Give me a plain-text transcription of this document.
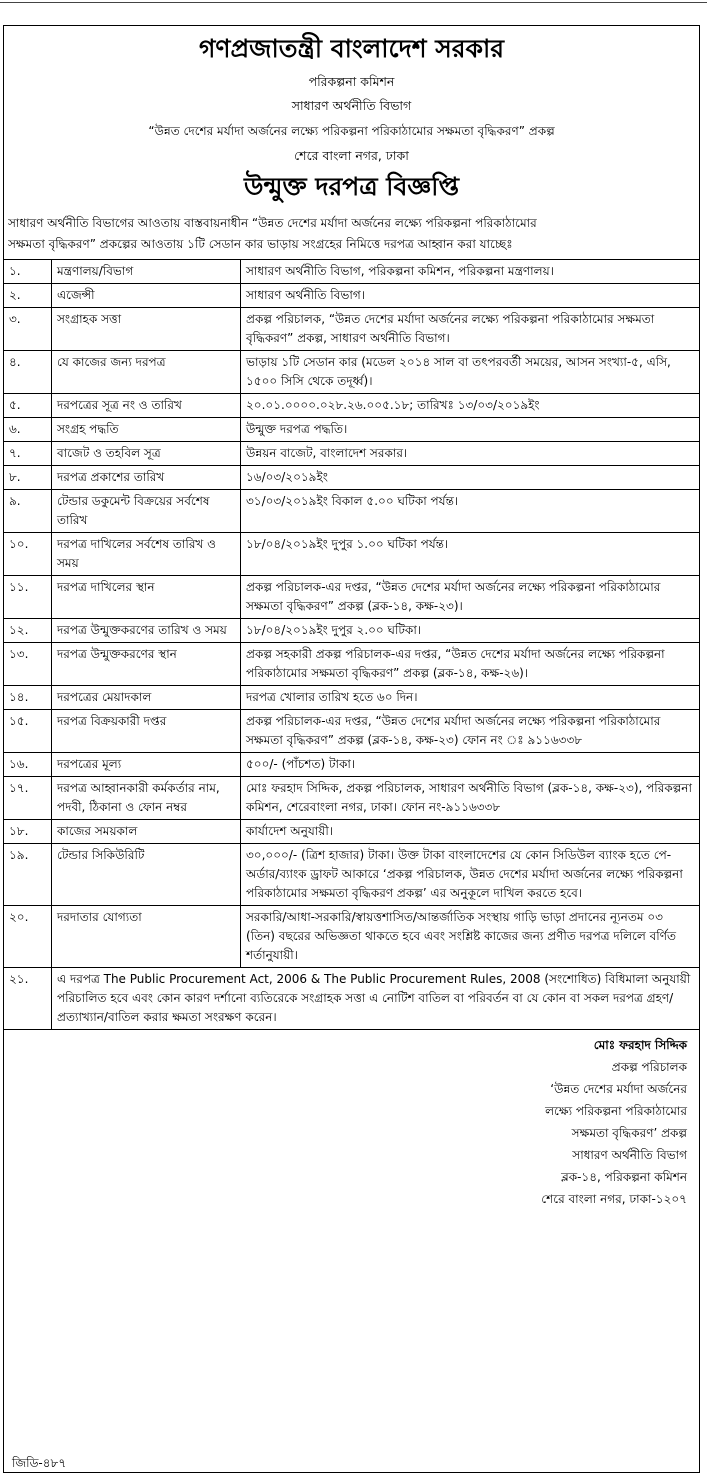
গণপ্রজাতন্ত্রী বাংলাদেশ সরকার
পরিকল্পনা কমিশন
সাধারণ অর্থনীতি বিভাগ
“উন্নত দেশের মর্যাদা অর্জনের লক্ষ্যে পরিকল্পনা পরিকাঠামোর সক্ষমতা বৃদ্ধিকরণ” প্রকল্প
শেরে বাংলা নগর, ঢাকা
উন্মুক্ত দরপত্র বিজ্ঞপ্তি
সাধারণ অর্থনীতি বিভাগের আওতায় বাস্তবায়নাধীন “উন্নত দেশের মর্যাদা অর্জনের লক্ষ্যে পরিকল্পনা পরিকাঠামোর
সক্ষমতা বৃদ্ধিকরণ” প্রকল্পের আওতায় ১টি সেডান কার ভাড়ায় সংগ্রহের নিমিত্তে দরপত্র আহ্বান করা যাচ্ছেঃ
১.	মন্ত্রণালয়/বিভাগ	সাধারণ অর্থনীতি বিভাগ, পরিকল্পনা কমিশন, পরিকল্পনা মন্ত্রণালয়।
২.	এজেন্সী	সাধারণ অর্থনীতি বিভাগ।
৩.	সংগ্রাহক সত্তা	প্রকল্প পরিচালক, “উন্নত দেশের মর্যাদা অর্জনের লক্ষ্যে পরিকল্পনা পরিকাঠামোর সক্ষমতা বৃদ্ধিকরণ” প্রকল্প, সাধারণ অর্থনীতি বিভাগ।
৪.	যে কাজের জন্য দরপত্র	ভাড়ায় ১টি সেডান কার (মডেল ২০১৪ সাল বা তৎপরবর্তী সময়ের, আসন সংখ্যা-৫, এসি, ১৫০০ সিসি থেকে তদূর্ধ্ব)।
৫.	দরপত্রের সূত্র নং ও তারিখ	২০.০১.০০০০.০২৮.২৬.০০৫.১৮; তারিখঃ ১৩/০৩/২০১৯ইং
৬.	সংগ্রহ পদ্ধতি	উন্মুক্ত দরপত্র পদ্ধতি।
৭.	বাজেট ও তহবিল সূত্র	উন্নয়ন বাজেট, বাংলাদেশ সরকার।
৮.	দরপত্র প্রকাশের তারিখ	১৬/০৩/২০১৯ইং
৯.	টেন্ডার ডকুমেন্ট বিক্রয়ের সর্বশেষ তারিখ	৩১/০৩/২০১৯ইং বিকাল ৫.০০ ঘটিকা পর্যন্ত।
১০.	দরপত্র দাখিলের সর্বশেষ তারিখ ও সময়	১৮/০৪/২০১৯ইং দুপুর ১.০০ ঘটিকা পর্যন্ত।
১১.	দরপত্র দাখিলের স্থান	প্রকল্প পরিচালক-এর দপ্তর, “উন্নত দেশের মর্যাদা অর্জনের লক্ষ্যে পরিকল্পনা পরিকাঠামোর সক্ষমতা বৃদ্ধিকরণ” প্রকল্প (ব্লক-১৪, কক্ষ-২৩)।
১২.	দরপত্র উন্মুক্তকরণের তারিখ ও সময়	১৮/০৪/২০১৯ইং দুপুর ২.০০ ঘটিকা।
১৩.	দরপত্র উন্মুক্তকরণের স্থান	প্রকল্প সহকারী প্রকল্প পরিচালক-এর দপ্তর, “উন্নত দেশের মর্যাদা অর্জনের লক্ষ্যে পরিকল্পনা পরিকাঠামোর সক্ষমতা বৃদ্ধিকরণ” প্রকল্প (ব্লক-১৪, কক্ষ-২৬)।
১৪.	দরপত্রের মেয়াদকাল	দরপত্র খোলার তারিখ হতে ৬০ দিন।
১৫.	দরপত্র বিক্রয়কারী দপ্তর	প্রকল্প পরিচালক-এর দপ্তর, “উন্নত দেশের মর্যাদা অর্জনের লক্ষ্যে পরিকল্পনা পরিকাঠামোর সক্ষমতা বৃদ্ধিকরণ” প্রকল্প (ব্লক-১৪, কক্ষ-২৩) ফোন নং ঃ ৯১১৬৩৩৮
১৬.	দরপত্রের মূল্য	৫০০/- (পাঁচশত) টাকা।
১৭.	দরপত্র আহ্বানকারী কর্মকর্তার নাম, পদবী, ঠিকানা ও ফোন নম্বর	মোঃ ফরহাদ সিদ্দিক, প্রকল্প পরিচালক, সাধারণ অর্থনীতি বিভাগ (ব্লক-১৪, কক্ষ-২৩), পরিকল্পনা কমিশন, শেরেবাংলা নগর, ঢাকা। ফোন নং-৯১১৬৩৩৮
১৮.	কাজের সময়কাল	কার্যাদেশ অনুযায়ী।
১৯.	টেন্ডার সিকিউরিটি	৩০,০০০/- (ত্রিশ হাজার) টাকা। উক্ত টাকা বাংলাদেশের যে কোন সিডিউল ব্যাংক হতে পে-অর্ডার/ব্যাংক ড্রাফট আকারে ‘প্রকল্প পরিচালক, উন্নত দেশের মর্যাদা অর্জনের লক্ষ্যে পরিকল্পনা পরিকাঠামোর সক্ষমতা বৃদ্ধিকরণ প্রকল্প’ এর অনুকূলে দাখিল করতে হবে।
২০.	দরদাতার যোগ্যতা	সরকারি/আধা-সরকারি/স্বায়ত্তশাসিত/আন্তর্জাতিক সংস্থায় গাড়ি ভাড়া প্রদানের ন্যূনতম ০৩ (তিন) বছরের অভিজ্ঞতা থাকতে হবে এবং সংশ্লিষ্ট কাজের জন্য প্রণীত দরপত্র দলিলে বর্ণিত শর্তানুযায়ী।
২১.	এ দরপত্র The Public Procurement Act, 2006 & The Public Procurement Rules, 2008 (সংশোধিত) বিধিমালা অনুযায়ী পরিচালিত হবে এবং কোন কারণ দর্শানো ব্যতিরেকে সংগ্রাহক সত্তা এ নোটিশ বাতিল বা পরিবর্তন বা যে কোন বা সকল দরপত্র গ্রহণ/প্রত্যাখ্যান/বাতিল করার ক্ষমতা সংরক্ষণ করেন।	
মোঃ ফরহাদ সিদ্দিক
প্রকল্প পরিচালক
‘উন্নত দেশের মর্যাদা অর্জনের
লক্ষ্যে পরিকল্পনা পরিকাঠামোর
সক্ষমতা বৃদ্ধিকরণ’ প্রকল্প
সাধারণ অর্থনীতি বিভাগ
ব্লক-১৪, পরিকল্পনা কমিশন
শেরে বাংলা নগর, ঢাকা-১২০৭
জিডি-৪৮৭
